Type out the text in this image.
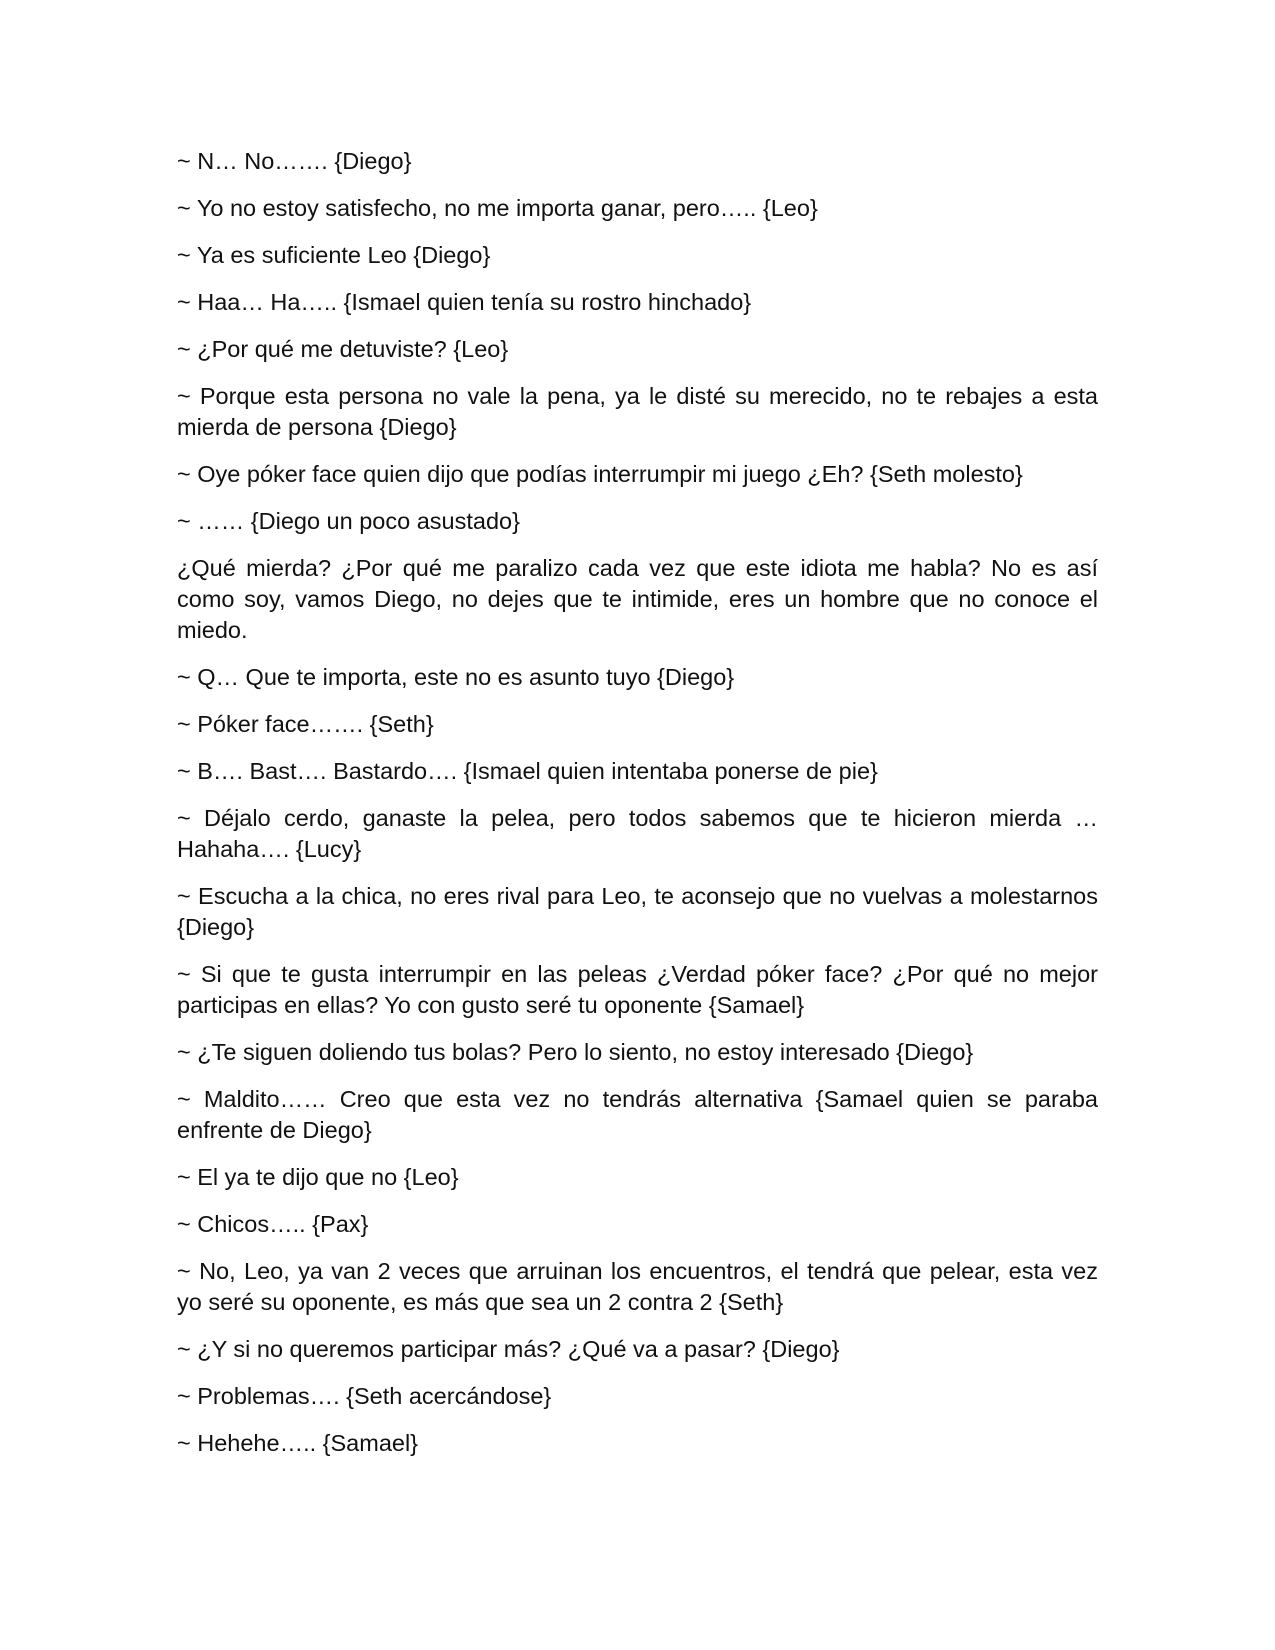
~ N… No……. {Diego}

~ Yo no estoy satisfecho, no me importa ganar, pero….. {Leo}

~ Ya es suficiente Leo {Diego}

~ Haa… Ha….. {Ismael quien tenía su rostro hinchado}

~ ¿Por qué me detuviste? {Leo}

~ Porque esta persona no vale la pena, ya le disté su merecido, no te rebajes a esta mierda de persona {Diego}

~ Oye póker face quien dijo que podías interrumpir mi juego ¿Eh? {Seth molesto}

~ …… {Diego un poco asustado}

¿Qué mierda? ¿Por qué me paralizo cada vez que este idiota me habla? No es así como soy, vamos Diego, no dejes que te intimide, eres un hombre que no conoce el miedo.

~ Q… Que te importa, este no es asunto tuyo {Diego}

~ Póker face……. {Seth}

~ B…. Bast…. Bastardo…. {Ismael quien intentaba ponerse de pie}

~ Déjalo cerdo, ganaste la pelea, pero todos sabemos que te hicieron mierda … Hahaha…. {Lucy}

~ Escucha a la chica, no eres rival para Leo, te aconsejo que no vuelvas a molestarnos {Diego}

~ Si que te gusta interrumpir en las peleas ¿Verdad póker face? ¿Por qué no mejor participas en ellas? Yo con gusto seré tu oponente {Samael}

~ ¿Te siguen doliendo tus bolas? Pero lo siento, no estoy interesado {Diego}

~ Maldito…… Creo que esta vez no tendrás alternativa {Samael quien se paraba enfrente de Diego}

~ El ya te dijo que no {Leo}

~ Chicos….. {Pax}

~ No, Leo, ya van 2 veces que arruinan los encuentros, el tendrá que pelear, esta vez yo seré su oponente, es más que sea un 2 contra 2 {Seth}

~ ¿Y si no queremos participar más? ¿Qué va a pasar? {Diego}

~ Problemas…. {Seth acercándose}

~ Hehehe….. {Samael}
